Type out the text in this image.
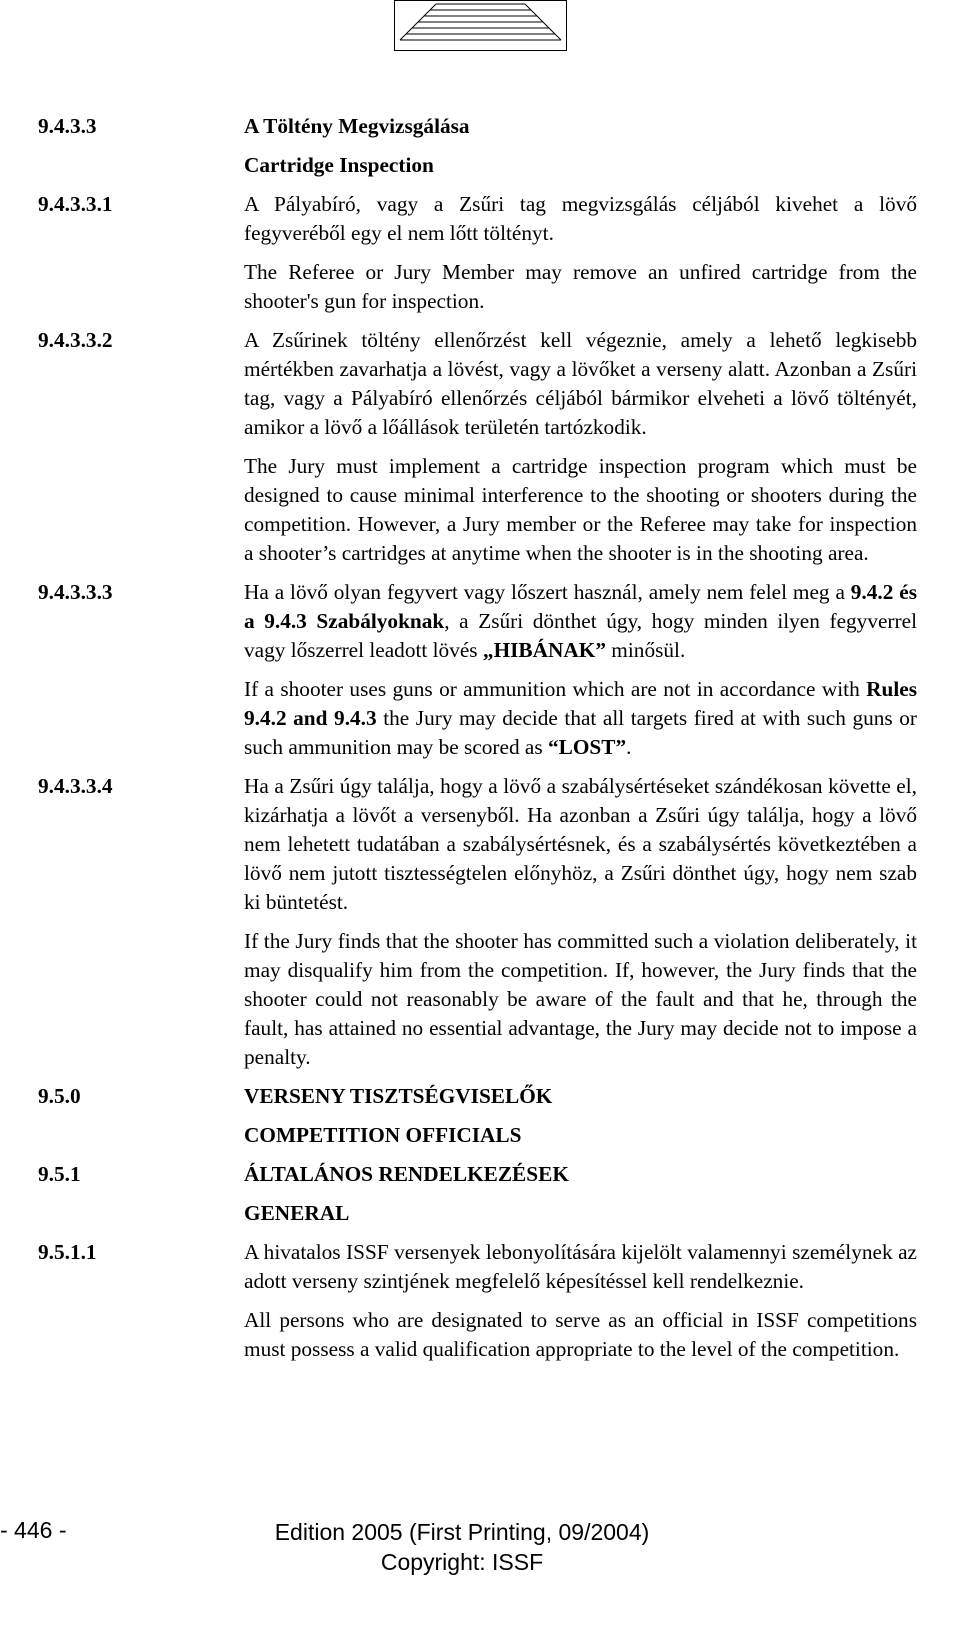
9.4.3.3	A Töltény Megvizsgálása
Cartridge Inspection
9.4.3.3.1	A Pályabíró, vagy a Zsűri tag megvizsgálás céljából kivehet a lövő fegyveréből egy el nem lőtt töltényt.
The Referee or Jury Member may remove an unfired cartridge from the shooter's gun for inspection.
9.4.3.3.2	A Zsűrinek töltény ellenőrzést kell végeznie, amely a lehető legkisebb mértékben zavarhatja a lövést, vagy a lövőket a verseny alatt. Azonban a Zsűri tag, vagy a Pályabíró ellenőrzés céljából bármikor elveheti a lövő töltényét, amikor a lövő a lőállások területén tartózkodik.
The Jury must implement a cartridge inspection program which must be designed to cause minimal interference to the shooting or shooters during the competition. However, a Jury member or the Referee may take for inspection a shooter’s cartridges at anytime when the shooter is in the shooting area.
9.4.3.3.3	Ha a lövő olyan fegyvert vagy lőszert használ, amely nem felel meg a 9.4.2 és a 9.4.3 Szabályoknak, a Zsűri dönthet úgy, hogy minden ilyen fegyverrel vagy lőszerrel leadott lövés „HIBÁNAK” minősül.
If a shooter uses guns or ammunition which are not in accordance with Rules 9.4.2 and 9.4.3 the Jury may decide that all targets fired at with such guns or such ammunition may be scored as “LOST”.
9.4.3.3.4	Ha a Zsűri úgy találja, hogy a lövő a szabálysértéseket szándékosan követte el, kizárhatja a lövőt a versenyből. Ha azonban a Zsűri úgy találja, hogy a lövő nem lehetett tudatában a szabálysértésnek, és a szabálysértés következtében a lövő nem jutott tisztességtelen előnyhöz, a Zsűri dönthet úgy, hogy nem szab ki büntetést.
If the Jury finds that the shooter has committed such a violation deliberately, it may disqualify him from the competition. If, however, the Jury finds that the shooter could not reasonably be aware of the fault and that he, through the fault, has attained no essential advantage, the Jury may decide not to impose a penalty.
9.5.0	VERSENY TISZTSÉGVISELŐK
COMPETITION OFFICIALS
9.5.1	ÁLTALÁNOS RENDELKEZÉSEK
GENERAL
9.5.1.1	A hivatalos ISSF versenyek lebonyolítására kijelölt valamennyi személynek az adott verseny szintjének megfelelő képesítéssel kell rendelkeznie.
All persons who are designated to serve as an official in ISSF competitions must possess a valid qualification appropriate to the level of the competition.
- 446 -	Edition 2005 (First Printing, 09/2004)
Copyright: ISSF
